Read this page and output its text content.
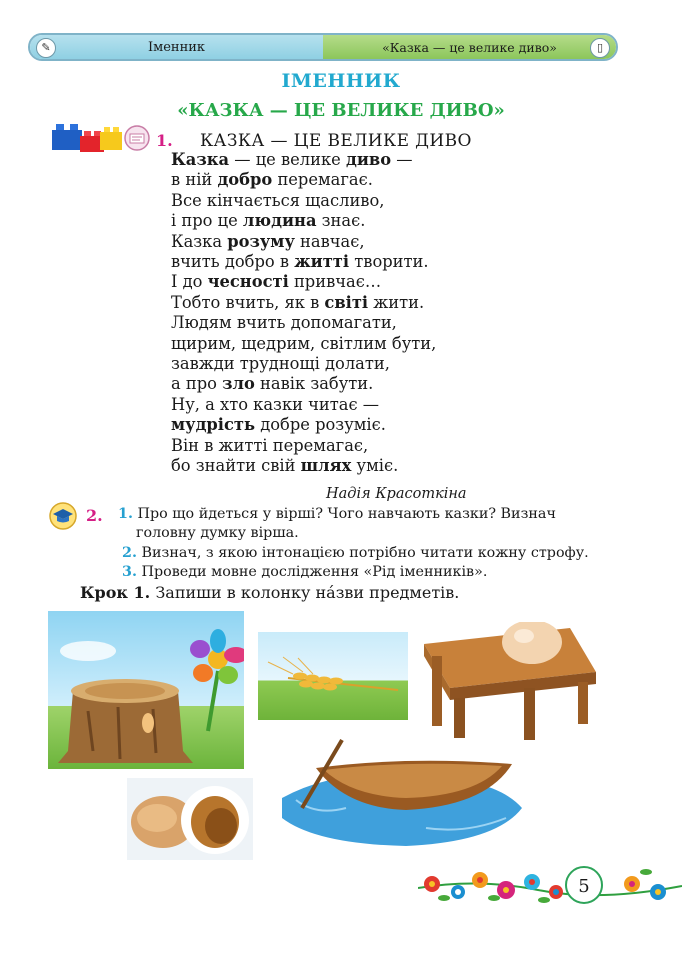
✎	Іменник	«Казка — це велике диво»	▯
ІМЕННИК
«КАЗКА — ЦЕ ВЕЛИКЕ ДИВО»
1. КАЗКА — ЦЕ ВЕЛИКЕ ДИВО
Казка — це велике диво —
в ній добро перемагає.
Все кінчається щасливо,
і про це людина знає.
Казка розуму навчає,
вчить добро в житті творити.
І до чесності привчає…
Тобто вчить, як в світі жити.
Людям вчить допомагати,
щирим, щедрим, світлим бути,
завжди труднощі долати,
а про зло навік забути.
Ну, а хто казки читає —
мудрість добре розуміє.
Він в житті перемагає,
бо знайти свій шлях уміє.
Надія Красоткіна
2. 1. Про що йдеться у вірші? Чого навчають казки? Визнач
головну думку вірша.
2. Визнач, з якою інтонацією потрібно читати кожну строфу.
3. Проведи мовне дослідження «Рід іменників».
Крок 1. Запиши в колонку на́зви предметів.
5
